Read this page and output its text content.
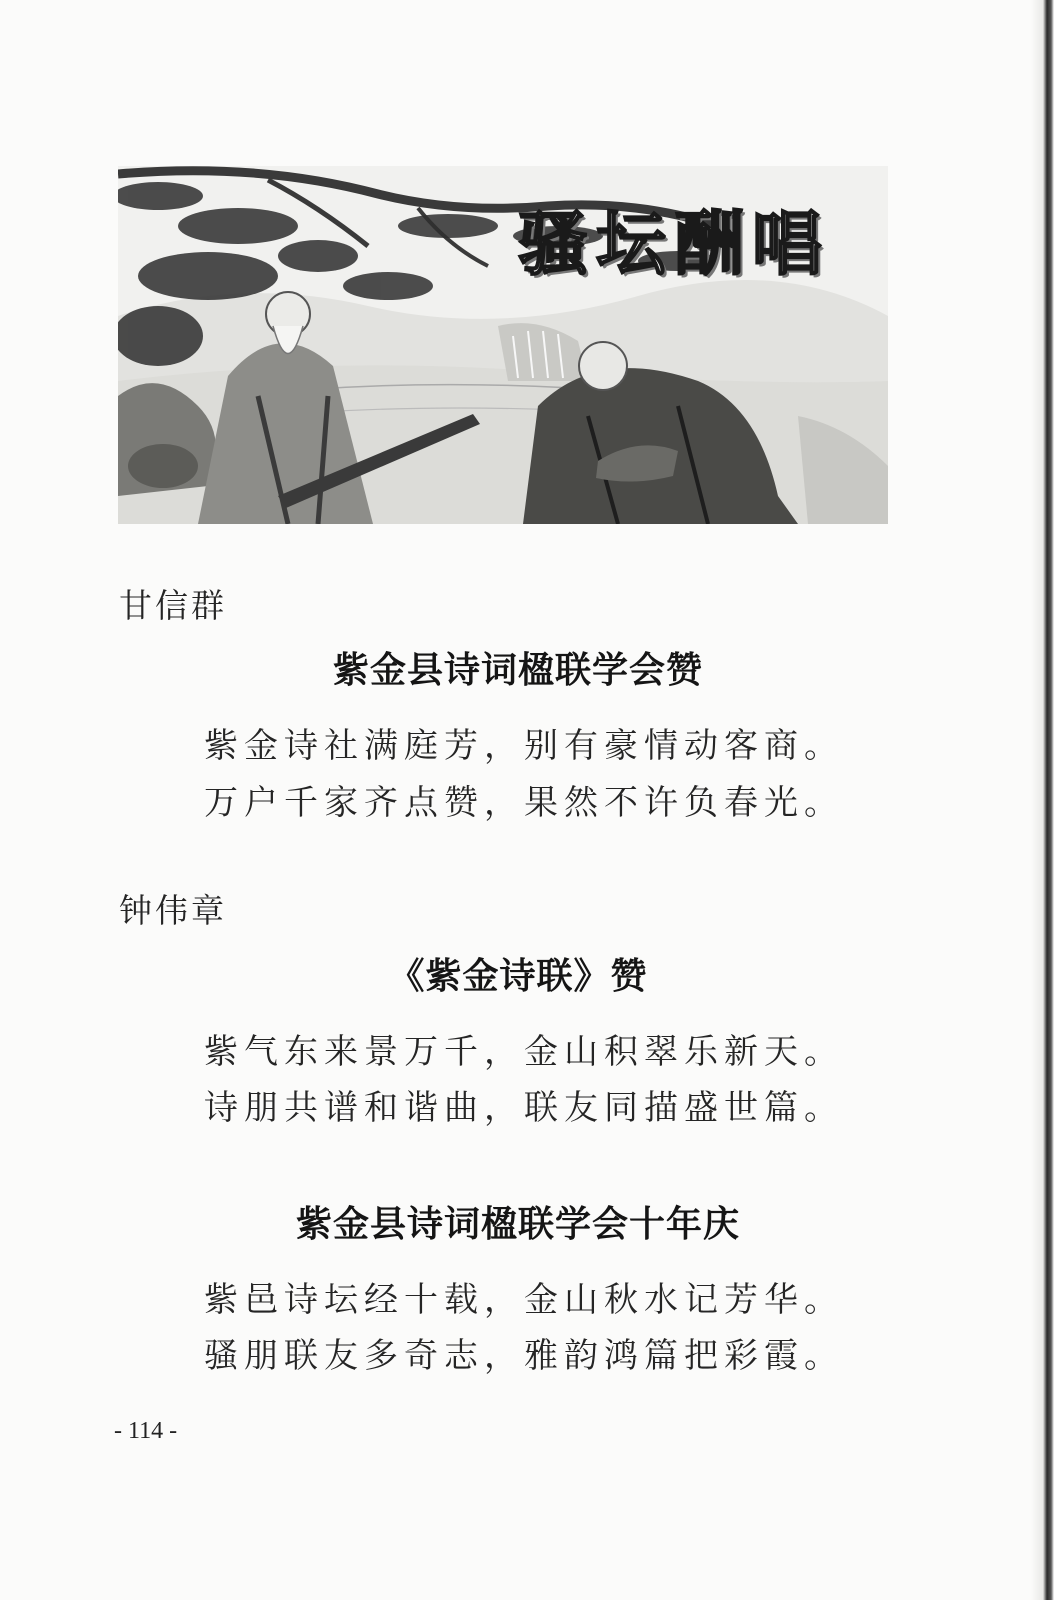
骚坛酬唱
甘信群
紫金县诗词楹联学会赞
紫金诗社满庭芳，别有豪情动客商。
万户千家齐点赞，果然不许负春光。
钟伟章
《紫金诗联》赞
紫气东来景万千，金山积翠乐新天。
诗朋共谱和谐曲，联友同描盛世篇。
紫金县诗词楹联学会十年庆
紫邑诗坛经十载，金山秋水记芳华。
骚朋联友多奇志，雅韵鸿篇把彩霞。
- 114 -
